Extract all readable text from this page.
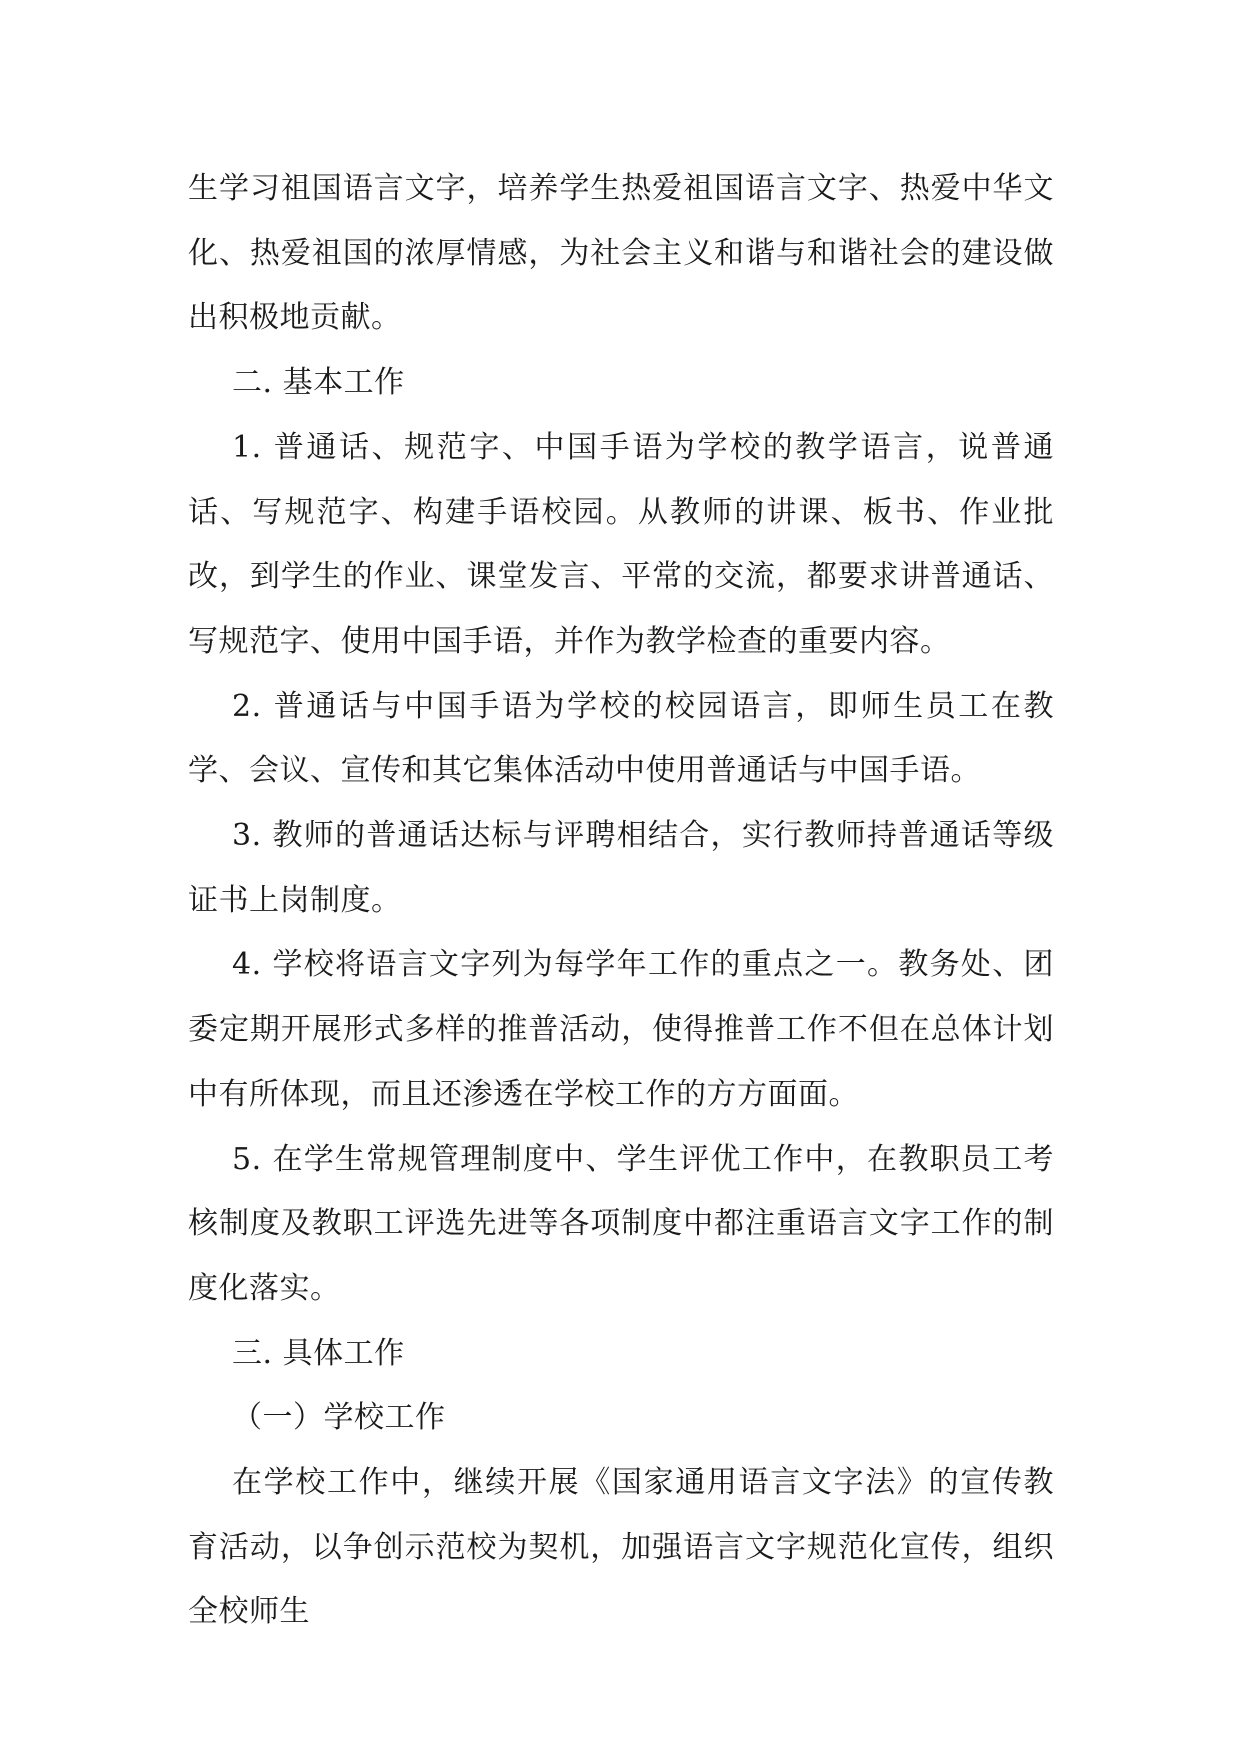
生学习祖国语言文字，培养学生热爱祖国语言文字、热爱中华文化、热爱祖国的浓厚情感，为社会主义和谐与和谐社会的建设做出积极地贡献。

二. 基本工作

1. 普通话、规范字、中国手语为学校的教学语言，说普通话、写规范字、构建手语校园。从教师的讲课、板书、作业批改，到学生的作业、课堂发言、平常的交流，都要求讲普通话、写规范字、使用中国手语，并作为教学检查的重要内容。

2. 普通话与中国手语为学校的校园语言，即师生员工在教学、会议、宣传和其它集体活动中使用普通话与中国手语。

3. 教师的普通话达标与评聘相结合，实行教师持普通话等级证书上岗制度。

4. 学校将语言文字列为每学年工作的重点之一。教务处、团委定期开展形式多样的推普活动，使得推普工作不但在总体计划中有所体现，而且还渗透在学校工作的方方面面。

5. 在学生常规管理制度中、学生评优工作中，在教职员工考核制度及教职工评选先进等各项制度中都注重语言文字工作的制度化落实。

三. 具体工作

（一）学校工作

在学校工作中，继续开展《国家通用语言文字法》的宣传教育活动，以争创示范校为契机，加强语言文字规范化宣传，组织全校师生
